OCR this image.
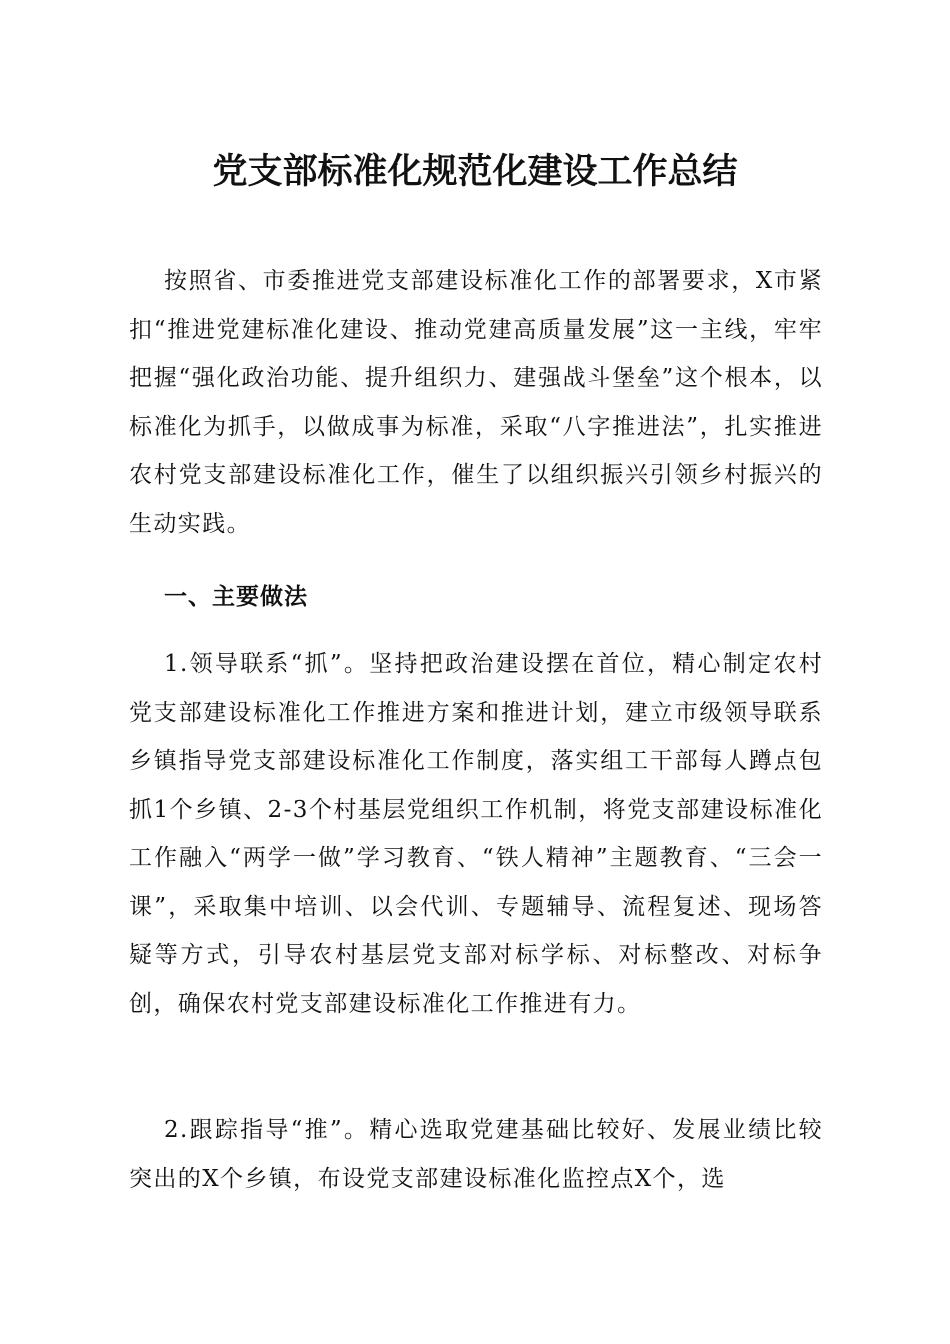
党支部标准化规范化建设工作总结

按照省、市委推进党支部建设标准化工作的部署要求，X市紧扣“推进党建标准化建设、推动党建高质量发展”这一主线，牢牢把握“强化政治功能、提升组织力、建强战斗堡垒”这个根本，以标准化为抓手，以做成事为标准，采取“八字推进法”，扎实推进农村党支部建设标准化工作，催生了以组织振兴引领乡村振兴的生动实践。

一、主要做法

1.领导联系“抓”。坚持把政治建设摆在首位，精心制定农村党支部建设标准化工作推进方案和推进计划，建立市级领导联系乡镇指导党支部建设标准化工作制度，落实组工干部每人蹲点包抓1个乡镇、2-3个村基层党组织工作机制，将党支部建设标准化工作融入“两学一做”学习教育、“铁人精神”主题教育、“三会一课”，采取集中培训、以会代训、专题辅导、流程复述、现场答疑等方式，引导农村基层党支部对标学标、对标整改、对标争创，确保农村党支部建设标准化工作推进有力。

2.跟踪指导“推”。精心选取党建基础比较好、发展业绩比较突出的X个乡镇，布设党支部建设标准化监控点X个，选
